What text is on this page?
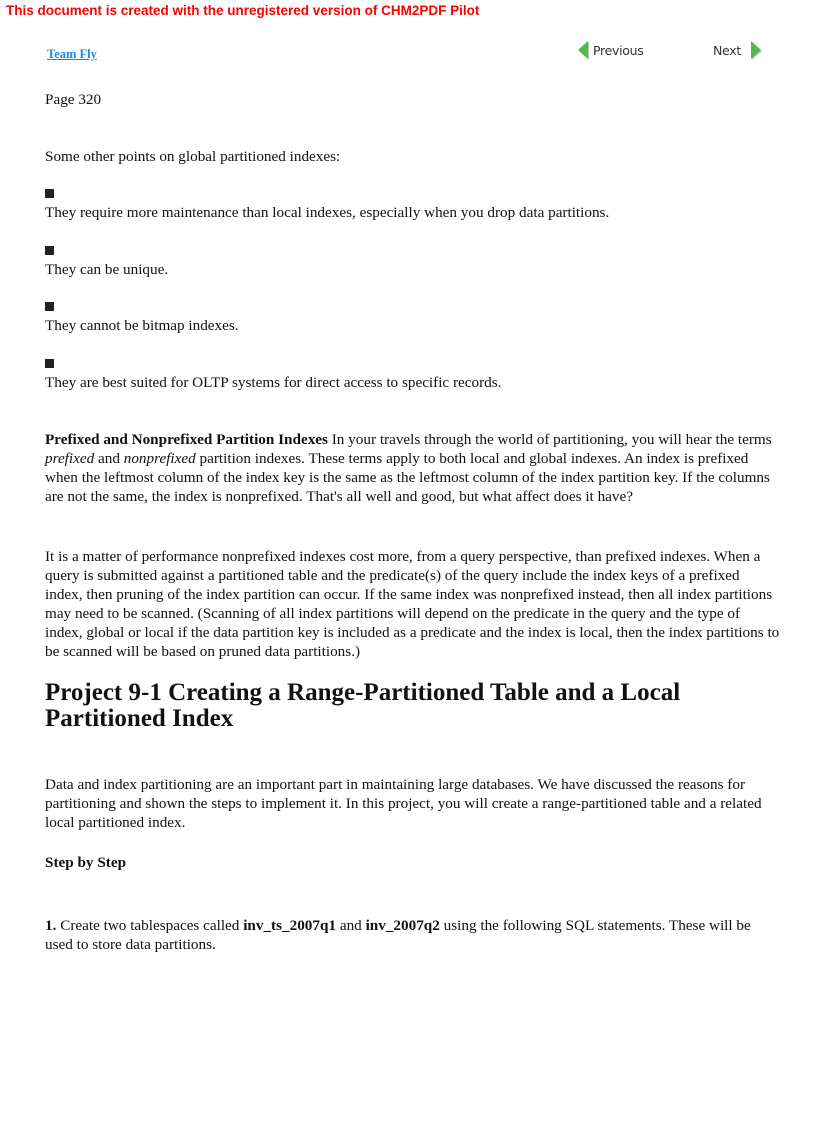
This document is created with the unregistered version of CHM2PDF Pilot
Team Fly	Previous	Next
Page 320
Some other points on global partitioned indexes:
They require more maintenance than local indexes, especially when you drop data partitions.
They can be unique.
They cannot be bitmap indexes.
They are best suited for OLTP systems for direct access to specific records.
Prefixed and Nonprefixed Partition Indexes In your travels through the world of partitioning, you will hear the terms prefixed and nonprefixed partition indexes. These terms apply to both local and global indexes. An index is prefixed when the leftmost column of the index key is the same as the leftmost column of the index partition key. If the columns are not the same, the index is nonprefixed. That's all well and good, but what affect does it have?
It is a matter of performance nonprefixed indexes cost more, from a query perspective, than prefixed indexes. When a query is submitted against a partitioned table and the predicate(s) of the query include the index keys of a prefixed index, then pruning of the index partition can occur. If the same index was nonprefixed instead, then all index partitions may need to be scanned. (Scanning of all index partitions will depend on the predicate in the query and the type of index, global or local if the data partition key is included as a predicate and the index is local, then the index partitions to be scanned will be based on pruned data partitions.)
Project 9-1 Creating a Range-Partitioned Table and a Local Partitioned Index
Data and index partitioning are an important part in maintaining large databases. We have discussed the reasons for partitioning and shown the steps to implement it. In this project, you will create a range-partitioned table and a related local partitioned index.
Step by Step
1. Create two tablespaces called inv_ts_2007q1 and inv_2007q2 using the following SQL statements. These will be used to store data partitions.
